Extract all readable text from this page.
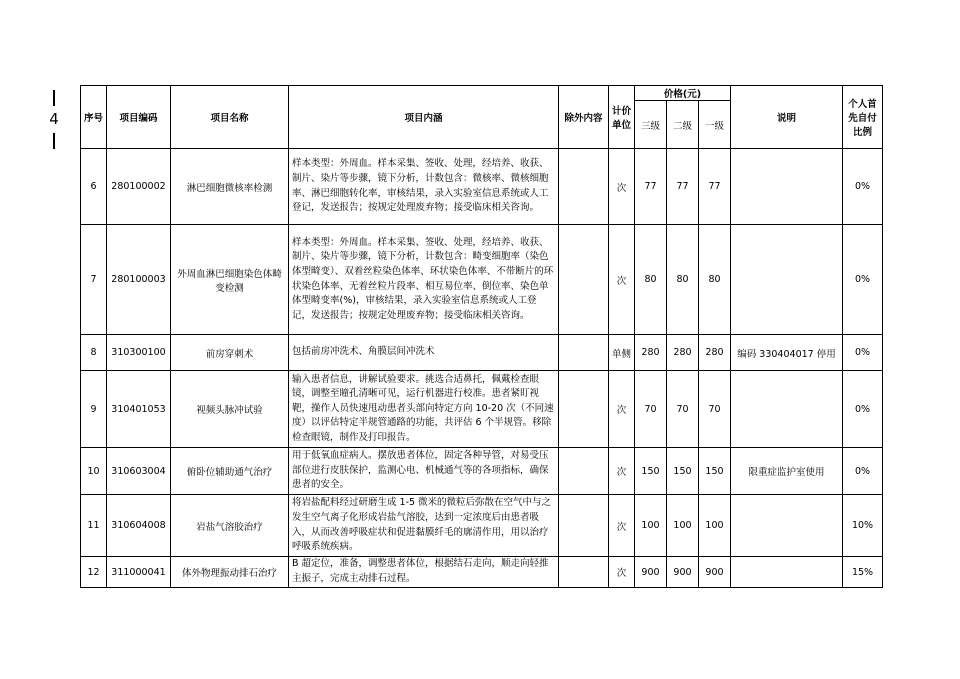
4	序号	项目编码	项目名称	项目内涵	除外内容	计价单位	价格(元)			说明	个人首先自付比例
						三级	二级	一级		
6	280100002	淋巴细胞微核率检测	样本类型：外周血。样本采集、签收、处理，经培养、收获、制片、染片等步骤，镜下分析，计数包含：微核率、微核细胞率、淋巴细胞转化率，审核结果，录入实验室信息系统或人工登记，发送报告；按规定处理废弃物；接受临床相关咨询。		次	77	77	77		0%
7	280100003	外周血淋巴细胞染色体畸变检测	样本类型：外周血。样本采集、签收、处理，经培养、收获、制片、染片等步骤，镜下分析，计数包含：畸变细胞率（染色体型畸变）、双着丝粒染色体率、环状染色体率、不带断片的环状染色体率、无着丝粒片段率、相互易位率、倒位率、染色单体型畸变率(%)，审核结果，录入实验室信息系统或人工登记，发送报告；按规定处理废弃物；接受临床相关咨询。		次	80	80	80		0%
8	310300100	前房穿刺术	包括前房冲洗术、角膜层间冲洗术		单侧	280	280	280	编码 330404017 停用	0%
9	310401053	视频头脉冲试验	输入患者信息，讲解试验要求。挑选合适鼻托，佩戴检查眼镜，调整至瞳孔清晰可见，运行机器进行校准。患者紧盯视靶，操作人员快速甩动患者头部向特定方向 10-20 次（不同速度）以评估特定半规管通路的功能，共评估 6 个半规管。移除检查眼镜，制作及打印报告。		次	70	70	70		0%
10	310603004	俯卧位辅助通气治疗	用于低氧血症病人。摆放患者体位，固定各种导管，对易受压部位进行皮肤保护，监测心电、机械通气等的各项指标，确保患者的安全。		次	150	150	150	限重症监护室使用	0%
11	310604008	岩盐气溶胶治疗	将岩盐配料经过研磨生成 1-5 微米的微粒后弥散在空气中与之发生空气离子化形成岩盐气溶胶，达到一定浓度后由患者吸入，从而改善呼吸症状和促进黏膜纤毛的廓清作用，用以治疗呼吸系统疾病。		次	100	100	100		10%
12	311000041	体外物理振动排石治疗	B 超定位，准备，调整患者体位，根据结石走向，顺走向轻推主振子，完成主动排石过程。		次	900	900	900		15%
